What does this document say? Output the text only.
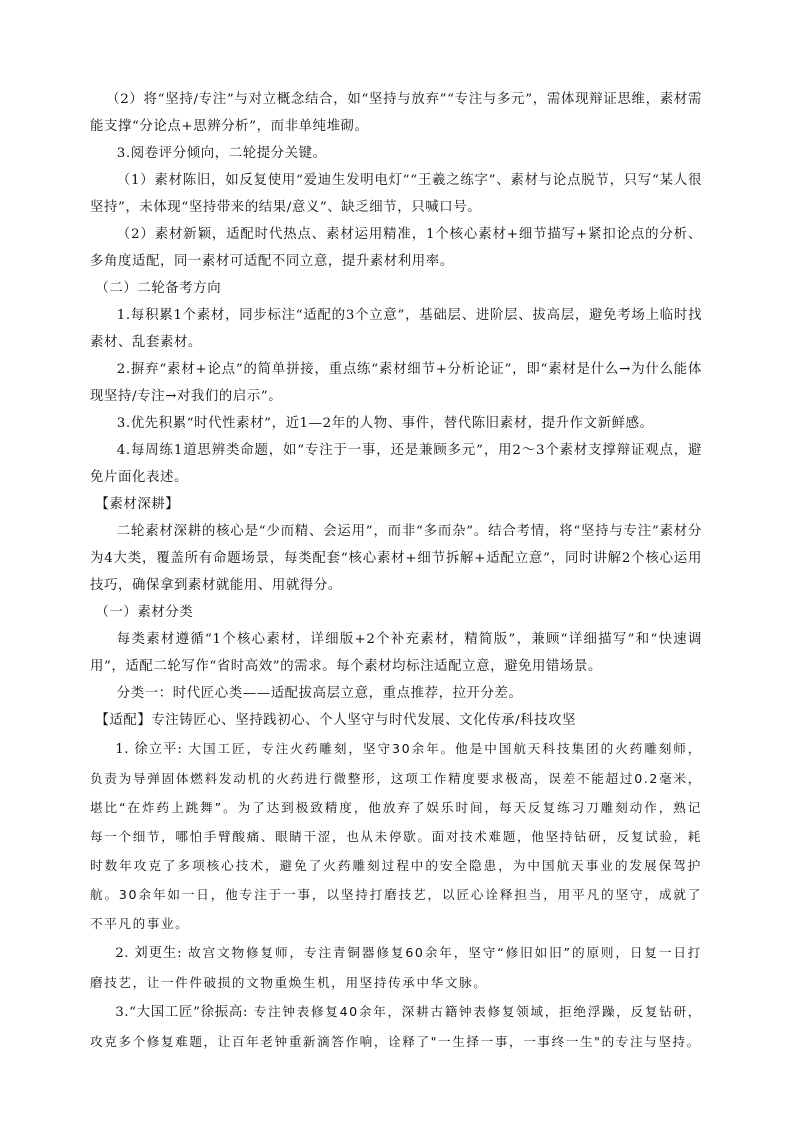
（2）将“坚持/专注”与对立概念结合，如“坚持与放弃”“专注与多元”，需体现辩证思维，素材需能支撑“分论点+思辨分析”，而非单纯堆砌。

3.阅卷评分倾向，二轮提分关键。

（1）素材陈旧，如反复使用“爱迪生发明电灯”“王羲之练字”、素材与论点脱节，只写“某人很坚持”，未体现“坚持带来的结果/意义”、缺乏细节，只喊口号。

（2）素材新颖，适配时代热点、素材运用精准，1个核心素材+细节描写+紧扣论点的分析、多角度适配，同一素材可适配不同立意，提升素材利用率。

（二）二轮备考方向

1.每积累1个素材，同步标注“适配的3个立意”，基础层、进阶层、拔高层，避免考场上临时找素材、乱套素材。

2.摒弃“素材+论点”的简单拼接，重点练“素材细节+分析论证”，即“素材是什么→为什么能体现坚持/专注→对我们的启示”。

3.优先积累“时代性素材”，近1—2年的人物、事件，替代陈旧素材，提升作文新鲜感。

4.每周练1道思辨类命题，如“专注于一事，还是兼顾多元”，用2～3个素材支撑辩证观点，避免片面化表述。

【素材深耕】

二轮素材深耕的核心是“少而精、会运用”，而非“多而杂”。结合考情，将“坚持与专注”素材分为4大类，覆盖所有命题场景，每类配套“核心素材+细节拆解+适配立意”，同时讲解2个核心运用技巧，确保拿到素材就能用、用就得分。

（一）素材分类

每类素材遵循“1个核心素材，详细版+2个补充素材，精简版”，兼顾“详细描写”和“快速调用”，适配二轮写作“省时高效”的需求。每个素材均标注适配立意，避免用错场景。

分类一：时代匠心类——适配拔高层立意，重点推荐，拉开分差。

【适配】专注铸匠心、坚持践初心、个人坚守与时代发展、文化传承/科技攻坚

1. 徐立平: 大国工匠，专注火药雕刻，坚守30余年。他是中国航天科技集团的火药雕刻师，负责为导弹固体燃料发动机的火药进行微整形，这项工作精度要求极高，误差不能超过0.2毫米，堪比“在炸药上跳舞”。为了达到极致精度，他放弃了娱乐时间，每天反复练习刀雕刻动作，熟记每一个细节，哪怕手臂酸痛、眼睛干涩，也从未停歇。面对技术难题，他坚持钻研，反复试验，耗时数年攻克了多项核心技术，避免了火药雕刻过程中的安全隐患，为中国航天事业的发展保驾护航。30余年如一日，他专注于一事，以坚持打磨技艺，以匠心诠释担当，用平凡的坚守，成就了不平凡的事业。

2. 刘更生: 故宫文物修复师，专注青铜器修复60余年，坚守“修旧如旧”的原则，日复一日打磨技艺，让一件件破损的文物重焕生机，用坚持传承中华文脉。

3.“大国工匠”徐振高: 专注钟表修复40余年，深耕古籍钟表修复领域，拒绝浮躁，反复钻研，攻克多个修复难题，让百年老钟重新滴答作响，诠释了"一生择一事，一事终一生"的专注与坚持。
